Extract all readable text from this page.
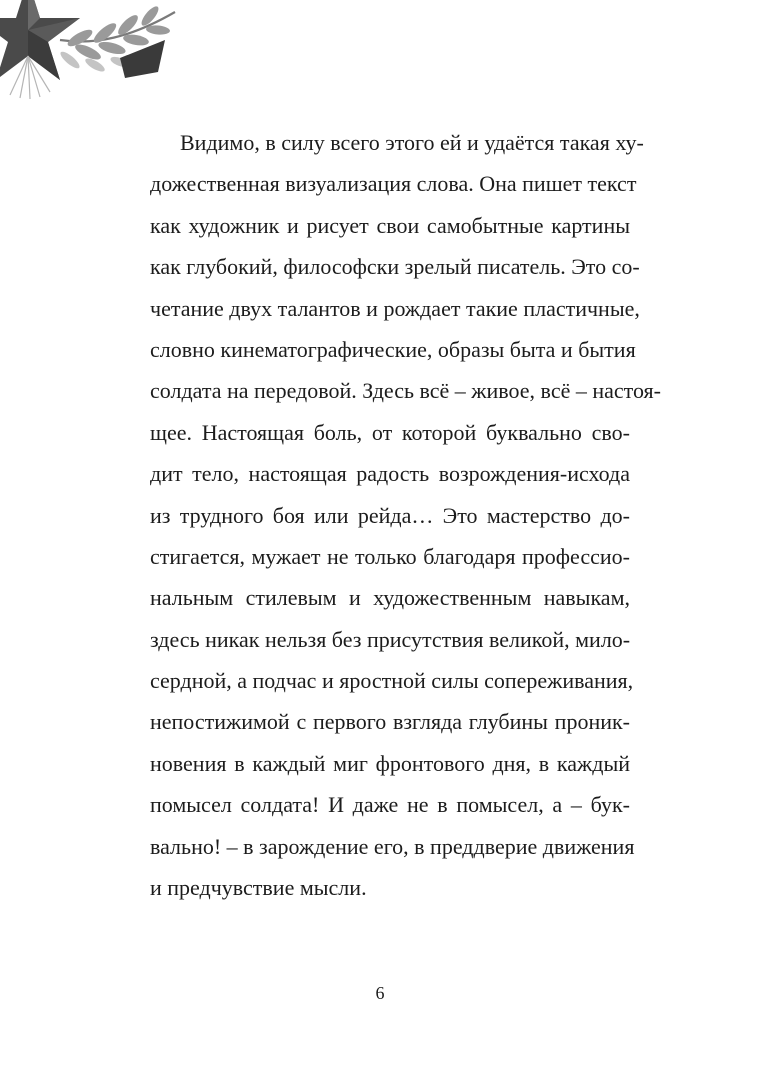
Видимо, в силу всего этого ей и удаётся такая ху-
дожественная визуализация слова. Она пишет текст
как художник и рисует свои самобытные картины
как глубокий, философски зрелый писатель. Это со-
четание двух талантов и рождает такие пластичные,
словно кинематографические, образы быта и бытия
солдата на передовой. Здесь всё – живое, всё – настоя-
щее. Настоящая боль, от которой буквально сво-
дит тело, настоящая радость возрождения-исхода
из трудного боя или рейда… Это мастерство до-
стигается, мужает не только благодаря профессио-
нальным стилевым и художественным навыкам,
здесь никак нельзя без присутствия великой, мило-
сердной, а подчас и яростной силы сопереживания,
непостижимой с первого взгляда глубины проник-
новения в каждый миг фронтового дня, в каждый
помысел солдата! И даже не в помысел, а – бук-
вально! – в зарождение его, в преддверие движения
и предчувствие мысли.
6
